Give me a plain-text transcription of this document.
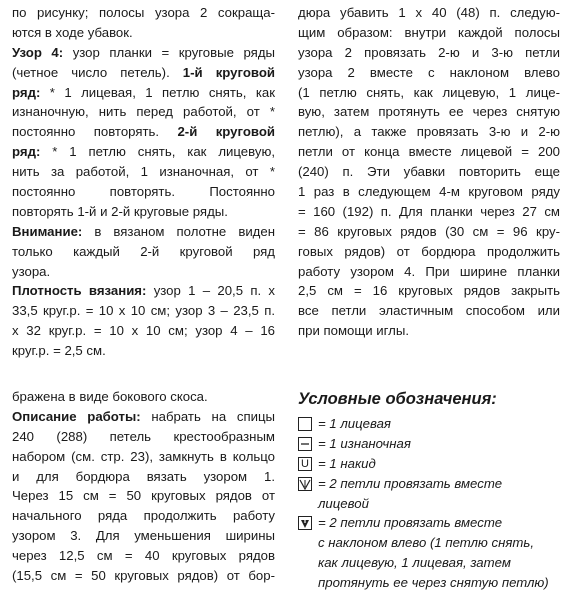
по рисунку; полосы узора 2 сокраща-
ются в ходе убавок.
Узор 4: узор планки = круговые ряды
(четное число петель). 1-й круговой
ряд: * 1 лицевая, 1 петлю снять, как
изнаночную, нить перед работой, от *
постоянно повторять. 2-й круговой
ряд: * 1 петлю снять, как лицевую,
нить за работой, 1 изнаночная, от *
постоянно повторять. Постоянно
повторять 1-й и 2-й круговые ряды.
Внимание: в вязаном полотне виден
только каждый 2-й круговой ряд
узора.
Плотность вязания: узор 1 – 20,5 п. х
33,5 круг.р. = 10 х 10 см; узор 3 – 23,5 п.
х 32 круг.р. = 10 х 10 см; узор 4 – 16
круг.р. = 2,5 см.
бражена в виде бокового скоса.
Описание работы: набрать на спицы
240 (288) петель крестообразным
набором (см. стр. 23), замкнуть в кольцо
и для бордюра вязать узором 1.
Через 15 см = 50 круговых рядов от
начального ряда продолжить работу
узором 3. Для уменьшения ширины
через 12,5 см = 40 круговых рядов
(15,5 см = 50 круговых рядов) от бор-
дюра убавить 1 х 40 (48) п. следую-
щим образом: внутри каждой полосы
узора 2 провязать 2-ю и 3-ю петли
узора 2 вместе с наклоном влево
(1 петлю снять, как лицевую, 1 лице-
вую, затем протянуть ее через снятую
петлю), а также провязать 3-ю и 2-ю
петли от конца вместе лицевой = 200
(240) п. Эти убавки повторить еще
1 раз в следующем 4-м круговом ряду
= 160 (192) п. Для планки через 27 см
= 86 круговых рядов (30 см = 96 кру-
говых рядов) от бордюра продолжить
работу узором 4. При ширине планки
2,5 см = 16 круговых рядов закрыть
все петли эластичным способом или
при помощи иглы.
Условные обозначения:
= 1 лицевая
= 1 изнаночная
U = 1 накид
= 2 петли провязать вместе
лицевой
= 2 петли провязать вместе
с наклоном влево (1 петлю снять,
как лицевую, 1 лицевая, затем
протянуть ее через снятую петлю)
